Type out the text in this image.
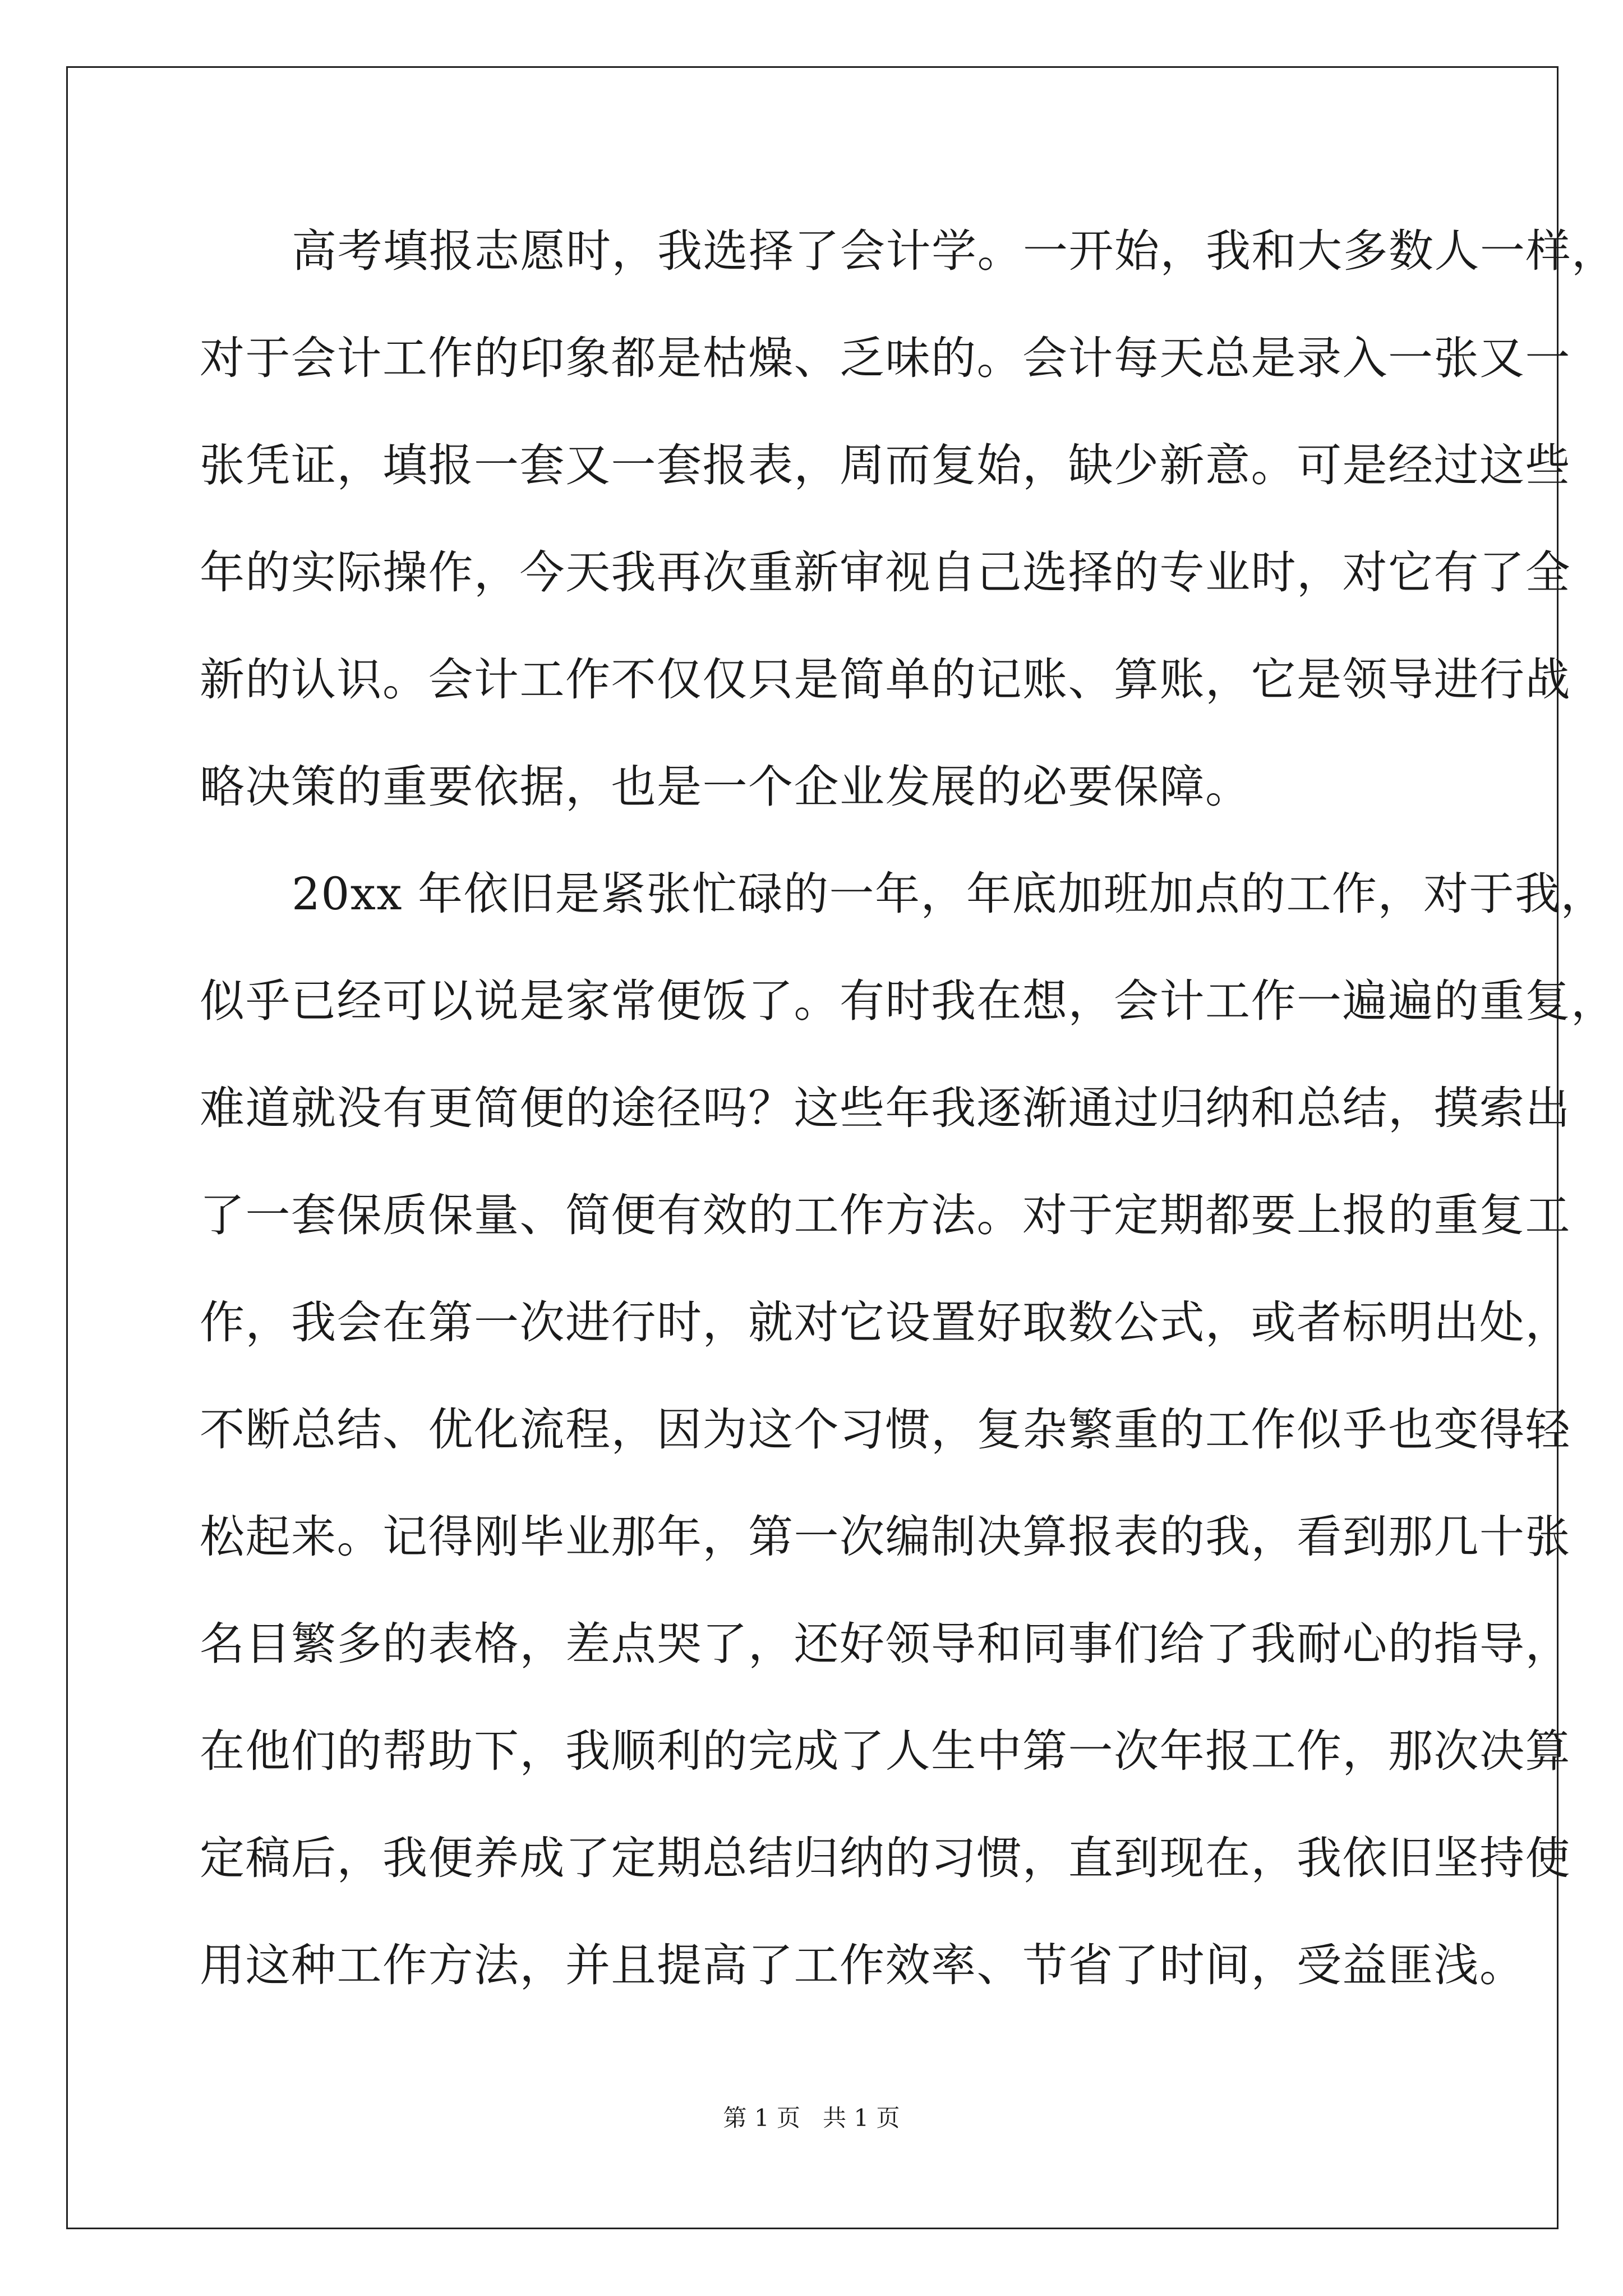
高考填报志愿时，我选择了会计学。一开始，我和大多数人一样，
对于会计工作的印象都是枯燥、乏味的。会计每天总是录入一张又一
张凭证，填报一套又一套报表，周而复始，缺少新意。可是经过这些
年的实际操作，今天我再次重新审视自己选择的专业时，对它有了全
新的认识。会计工作不仅仅只是简单的记账、算账，它是领导进行战
略决策的重要依据，也是一个企业发展的必要保障。
20xx 年依旧是紧张忙碌的一年，年底加班加点的工作，对于我，
似乎已经可以说是家常便饭了。有时我在想，会计工作一遍遍的重复，
难道就没有更简便的途径吗？这些年我逐渐通过归纳和总结，摸索出
了一套保质保量、简便有效的工作方法。对于定期都要上报的重复工
作，我会在第一次进行时，就对它设置好取数公式，或者标明出处，
不断总结、优化流程，因为这个习惯，复杂繁重的工作似乎也变得轻
松起来。记得刚毕业那年，第一次编制决算报表的我，看到那几十张
名目繁多的表格，差点哭了，还好领导和同事们给了我耐心的指导，
在他们的帮助下，我顺利的完成了人生中第一次年报工作，那次决算
定稿后，我便养成了定期总结归纳的习惯，直到现在，我依旧坚持使
用这种工作方法，并且提高了工作效率、节省了时间，受益匪浅。
第 1 页   共 1 页
